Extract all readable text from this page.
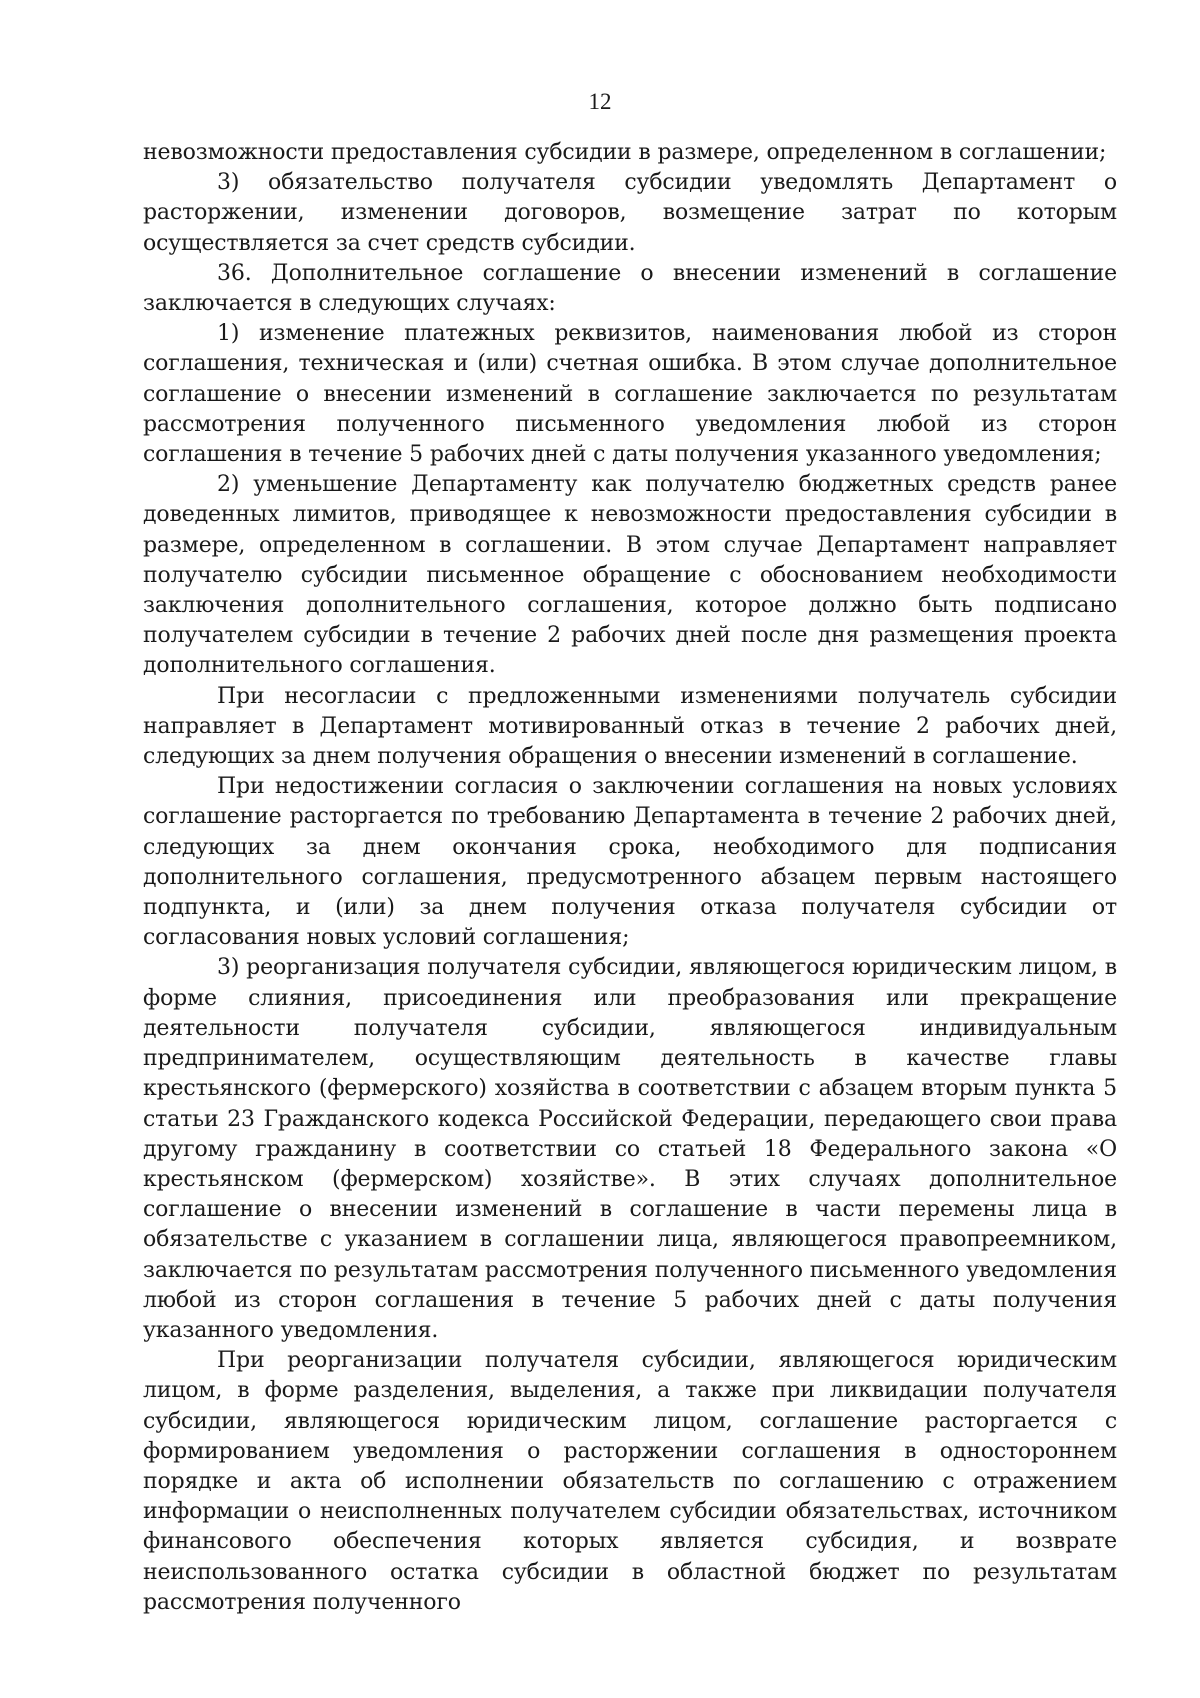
12

невозможности предоставления субсидии в размере, определенном в соглашении;

3) обязательство получателя субсидии уведомлять Департамент о расторжении, изменении договоров, возмещение затрат по которым осуществляется за счет средств субсидии.

36. Дополнительное соглашение о внесении изменений в соглашение заключается в следующих случаях:

1) изменение платежных реквизитов, наименования любой из сторон соглашения, техническая и (или) счетная ошибка. В этом случае дополнительное соглашение о внесении изменений в соглашение заключается по результатам рассмотрения полученного письменного уведомления любой из сторон соглашения в течение 5 рабочих дней с даты получения указанного уведомления;

2) уменьшение Департаменту как получателю бюджетных средств ранее доведенных лимитов, приводящее к невозможности предоставления субсидии в размере, определенном в соглашении. В этом случае Департамент направляет получателю субсидии письменное обращение с обоснованием необходимости заключения дополнительного соглашения, которое должно быть подписано получателем субсидии в течение 2 рабочих дней после дня размещения проекта дополнительного соглашения.

При несогласии с предложенными изменениями получатель субсидии направляет в Департамент мотивированный отказ в течение 2 рабочих дней, следующих за днем получения обращения о внесении изменений в соглашение.

При недостижении согласия о заключении соглашения на новых условиях соглашение расторгается по требованию Департамента в течение 2 рабочих дней, следующих за днем окончания срока, необходимого для подписания дополнительного соглашения, предусмотренного абзацем первым настоящего подпункта, и (или) за днем получения отказа получателя субсидии от согласования новых условий соглашения;

3) реорганизация получателя субсидии, являющегося юридическим лицом, в форме слияния, присоединения или преобразования или прекращение деятельности получателя субсидии, являющегося индивидуальным предпринимателем, осуществляющим деятельность в качестве главы крестьянского (фермерского) хозяйства в соответствии с абзацем вторым пункта 5 статьи 23 Гражданского кодекса Российской Федерации, передающего свои права другому гражданину в соответствии со статьей 18 Федерального закона «О крестьянском (фермерском) хозяйстве». В этих случаях дополнительное соглашение о внесении изменений в соглашение в части перемены лица в обязательстве с указанием в соглашении лица, являющегося правопреемником, заключается по результатам рассмотрения полученного письменного уведомления любой из сторон соглашения в течение 5 рабочих дней с даты получения указанного уведомления.

При реорганизации получателя субсидии, являющегося юридическим лицом, в форме разделения, выделения, а также при ликвидации получателя субсидии, являющегося юридическим лицом, соглашение расторгается с формированием уведомления о расторжении соглашения в одностороннем порядке и акта об исполнении обязательств по соглашению с отражением информации о неисполненных получателем субсидии обязательствах, источником финансового обеспечения которых является субсидия, и возврате неиспользованного остатка субсидии в областной бюджет по результатам рассмотрения полученного
